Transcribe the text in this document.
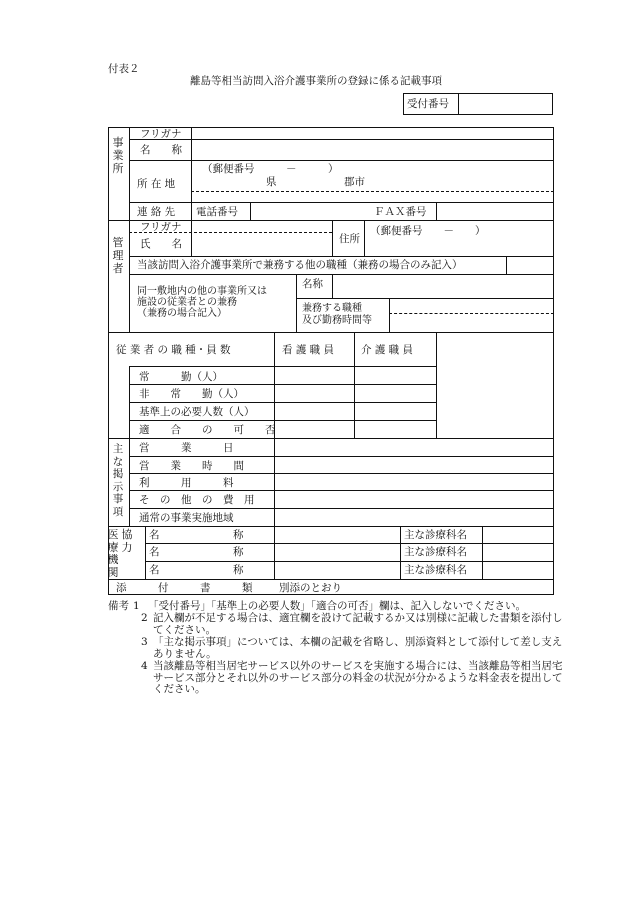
付表２
離島等相当訪問入浴介護事業所の登録に係る記載事項
受付番号
事業所
フリガナ
名　　称
所 在 地
（郵便番号　　　－　　　）
県	郡市
連 絡 先 電話番号	ＦＡＸ番号
管理者
フリガナ
氏　　名	住所
（郵便番号　　－　　）
当該訪問入浴介護事業所で兼務する他の職種（兼務の場合のみ記入）
同一敷地内の他の事業所又は
施設の従業者との兼務
（兼務の場合記入）
名称
兼務する職種
及び勤務時間等
従 業 者 の 職 種・員 数	看 護 職 員	介 護 職 員
常　　　勤（人）
非　　常　　勤（人）
基準上の必要人数（人）
適　　合　　の　　可　　否
主な掲示事項
営　　　業　　　日
営　　業　　時　　間
利　　　用　　　料
そ　の　他　の　費　用
通常の事業実施地域
協力
医療機関
名　　　　　　　称	主な診療科名
名　　　　　　　称	主な診療科名
名　　　　　　　称	主な診療科名
添　　　付　　　書　　　類	別添のとおり
備考 1 「受付番号」「基準上の必要人数」「適合の可否」欄は、記入しないでください。
2 記入欄が不足する場合は、適宜欄を設けて記載するか又は別様に記載した書類を添付してください。
3 「主な掲示事項」については、本欄の記載を省略し、別添資料として添付して差し支えありません。
4 当該離島等相当居宅サービス以外のサービスを実施する場合には、当該離島等相当居宅サービス部分とそれ以外のサービス部分の料金の状況が分かるような料金表を提出してください。
